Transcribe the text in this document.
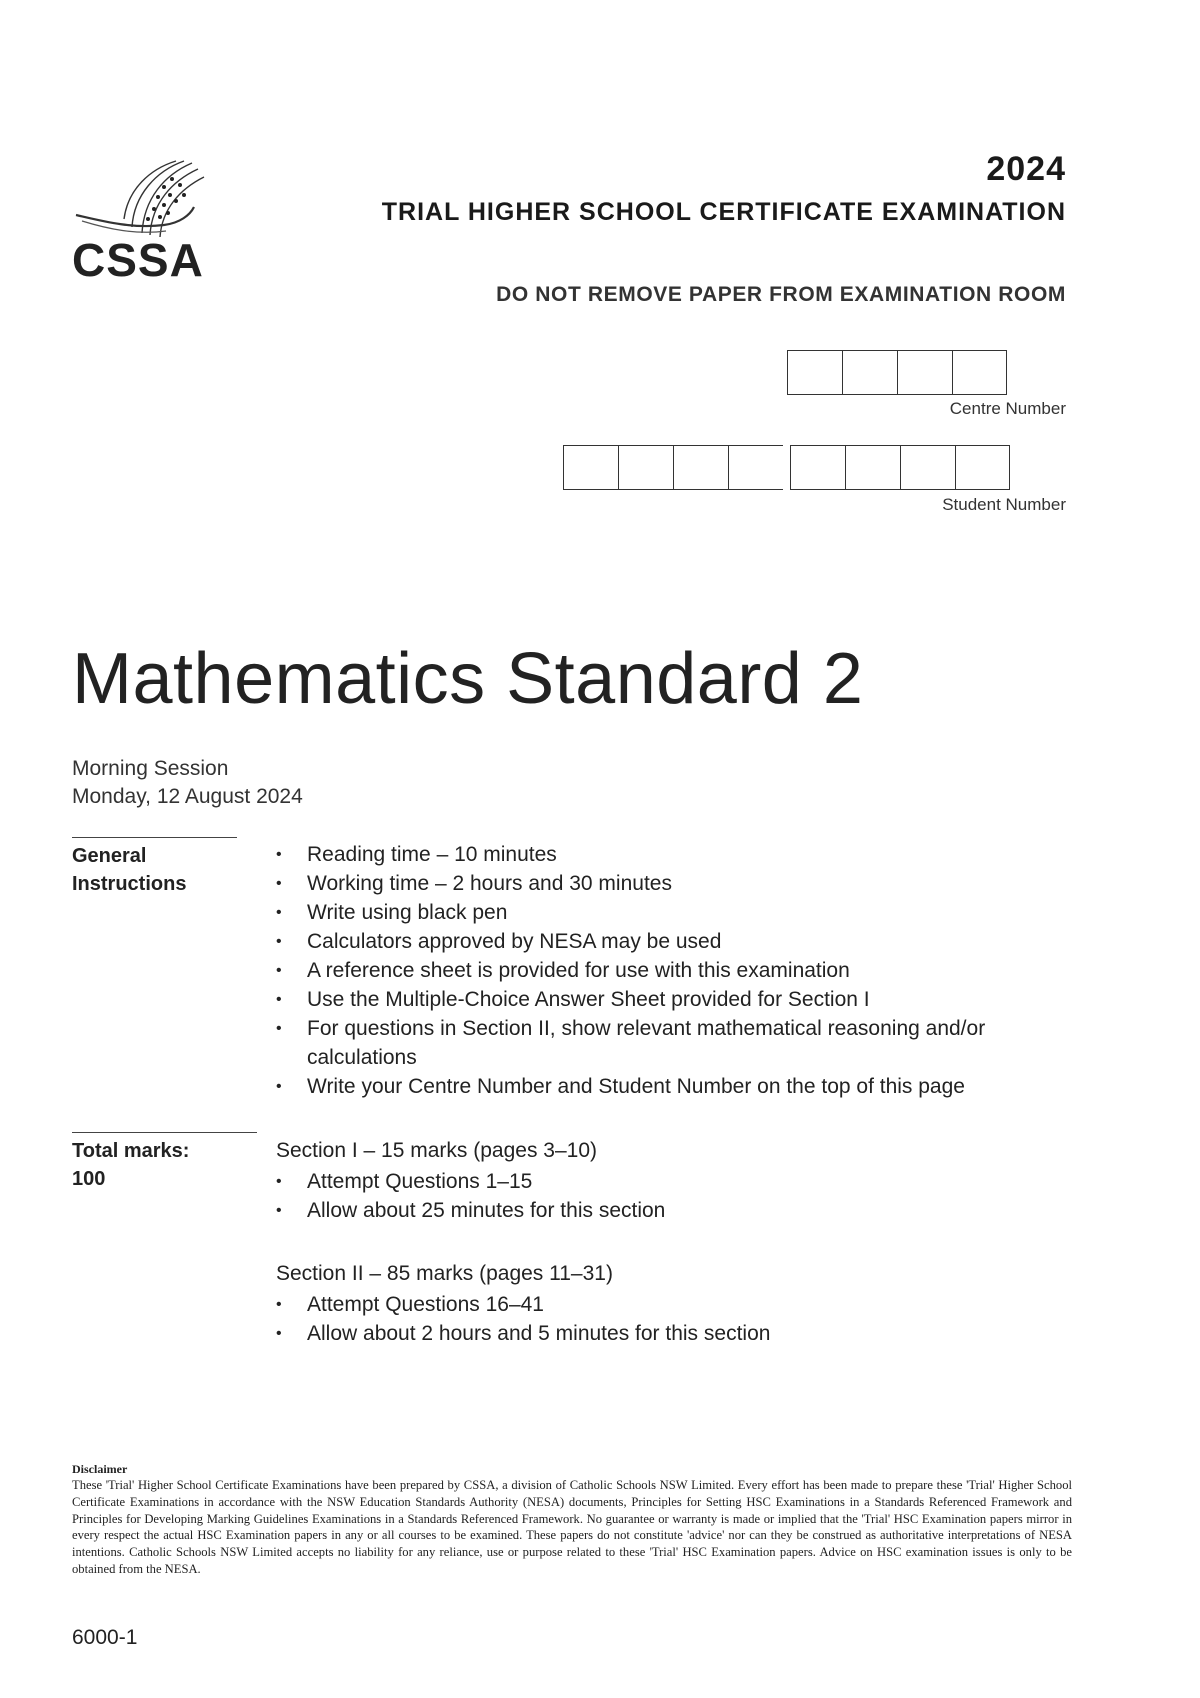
CSSA
2024
TRIAL HIGHER SCHOOL CERTIFICATE EXAMINATION
DO NOT REMOVE PAPER FROM EXAMINATION ROOM
Centre Number
Student Number
Mathematics Standard 2
Morning Session
Monday, 12 August 2024
General
Instructions
• Reading time – 10 minutes
• Working time – 2 hours and 30 minutes
• Write using black pen
• Calculators approved by NESA may be used
• A reference sheet is provided for use with this examination
• Use the Multiple-Choice Answer Sheet provided for Section I
• For questions in Section II, show relevant mathematical reasoning and/or calculations
• Write your Centre Number and Student Number on the top of this page
Total marks:
100
Section I – 15 marks (pages 3–10)
• Attempt Questions 1–15
• Allow about 25 minutes for this section
Section II – 85 marks (pages 11–31)
• Attempt Questions 16–41
• Allow about 2 hours and 5 minutes for this section
Disclaimer
These 'Trial' Higher School Certificate Examinations have been prepared by CSSA, a division of Catholic Schools NSW Limited. Every effort has been made to prepare these 'Trial' Higher School Certificate Examinations in accordance with the NSW Education Standards Authority (NESA) documents, Principles for Setting HSC Examinations in a Standards Referenced Framework and Principles for Developing Marking Guidelines Examinations in a Standards Referenced Framework. No guarantee or warranty is made or implied that the 'Trial' HSC Examination papers mirror in every respect the actual HSC Examination papers in any or all courses to be examined. These papers do not constitute 'advice' nor can they be construed as authoritative interpretations of NESA intentions. Catholic Schools NSW Limited accepts no liability for any reliance, use or purpose related to these 'Trial' HSC Examination papers. Advice on HSC examination issues is only to be obtained from the NESA.
6000-1
